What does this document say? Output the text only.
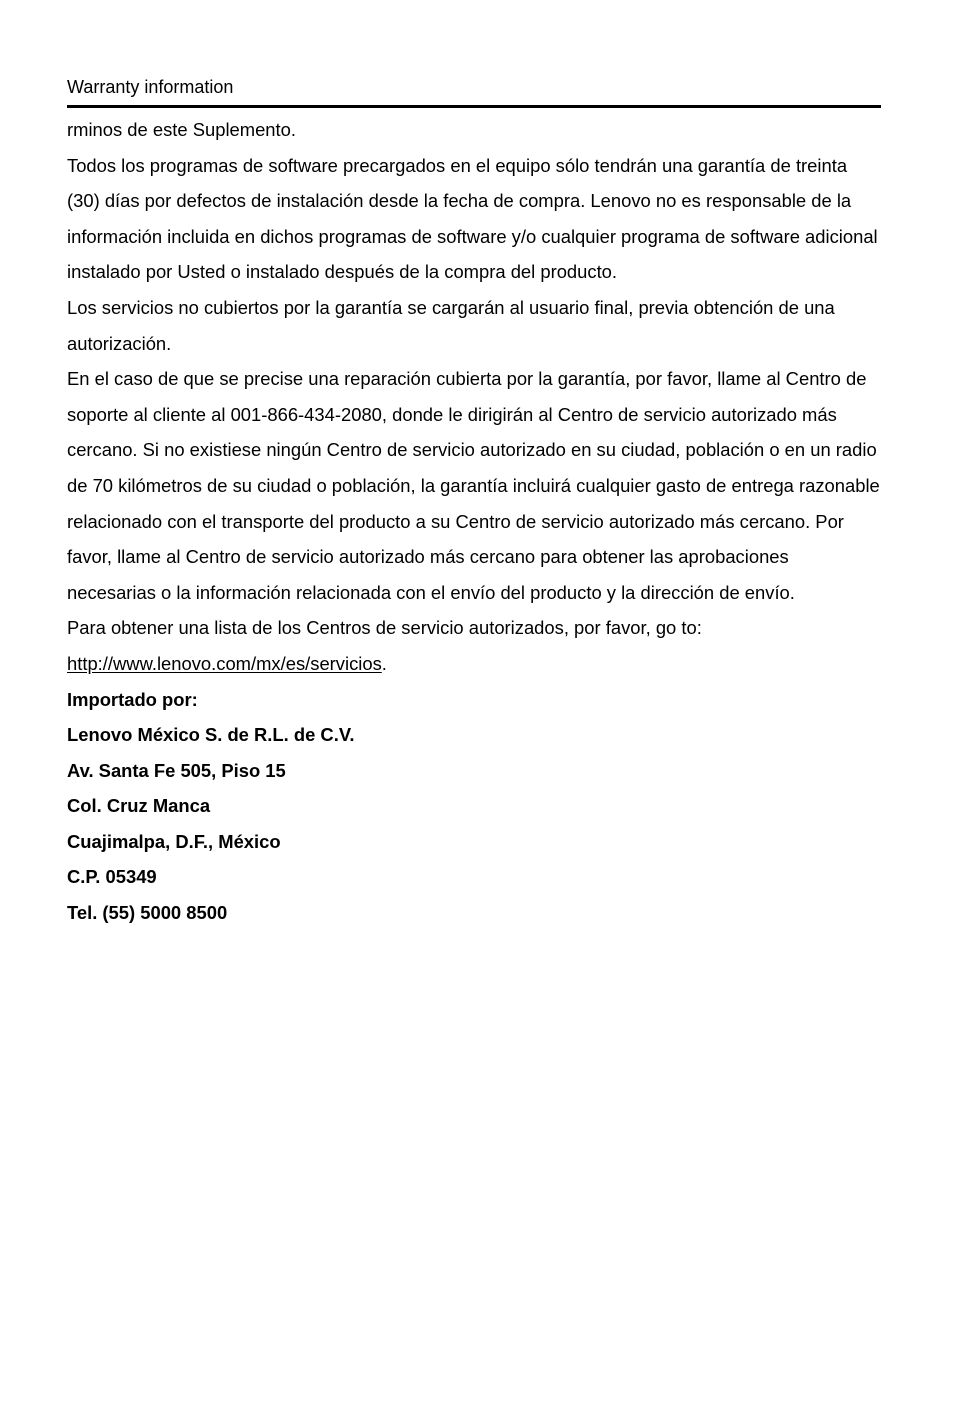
Warranty information

rminos de este Suplemento.

Todos los programas de software precargados en el equipo sólo tendrán una garantía de treinta (30) días por defectos de instalación desde la fecha de compra. Lenovo no es responsable de la información incluida en dichos programas de software y/o cualquier programa de software adicional instalado por Usted o instalado después de la compra del producto.

Los servicios no cubiertos por la garantía se cargarán al usuario final, previa obtención de una autorización.

En el caso de que se precise una reparación cubierta por la garantía, por favor, llame al Centro de soporte al cliente al 001-866-434-2080, donde le dirigirán al Centro de servicio autorizado más cercano. Si no existiese ningún Centro de servicio autorizado en su ciudad, población o en un radio de 70 kilómetros de su ciudad o población, la garantía incluirá cualquier gasto de entrega razonable relacionado con el transporte del producto a su Centro de servicio autorizado más cercano. Por favor, llame al Centro de servicio autorizado más cercano para obtener las aprobaciones necesarias o la información relacionada con el envío del producto y la dirección de envío.

Para obtener una lista de los Centros de servicio autorizados, por favor, go to:

http://www.lenovo.com/mx/es/servicios.

Importado por:

Lenovo México S. de R.L. de C.V.

Av. Santa Fe 505, Piso 15

Col. Cruz Manca

Cuajimalpa, D.F., México

C.P. 05349

Tel. (55) 5000 8500
